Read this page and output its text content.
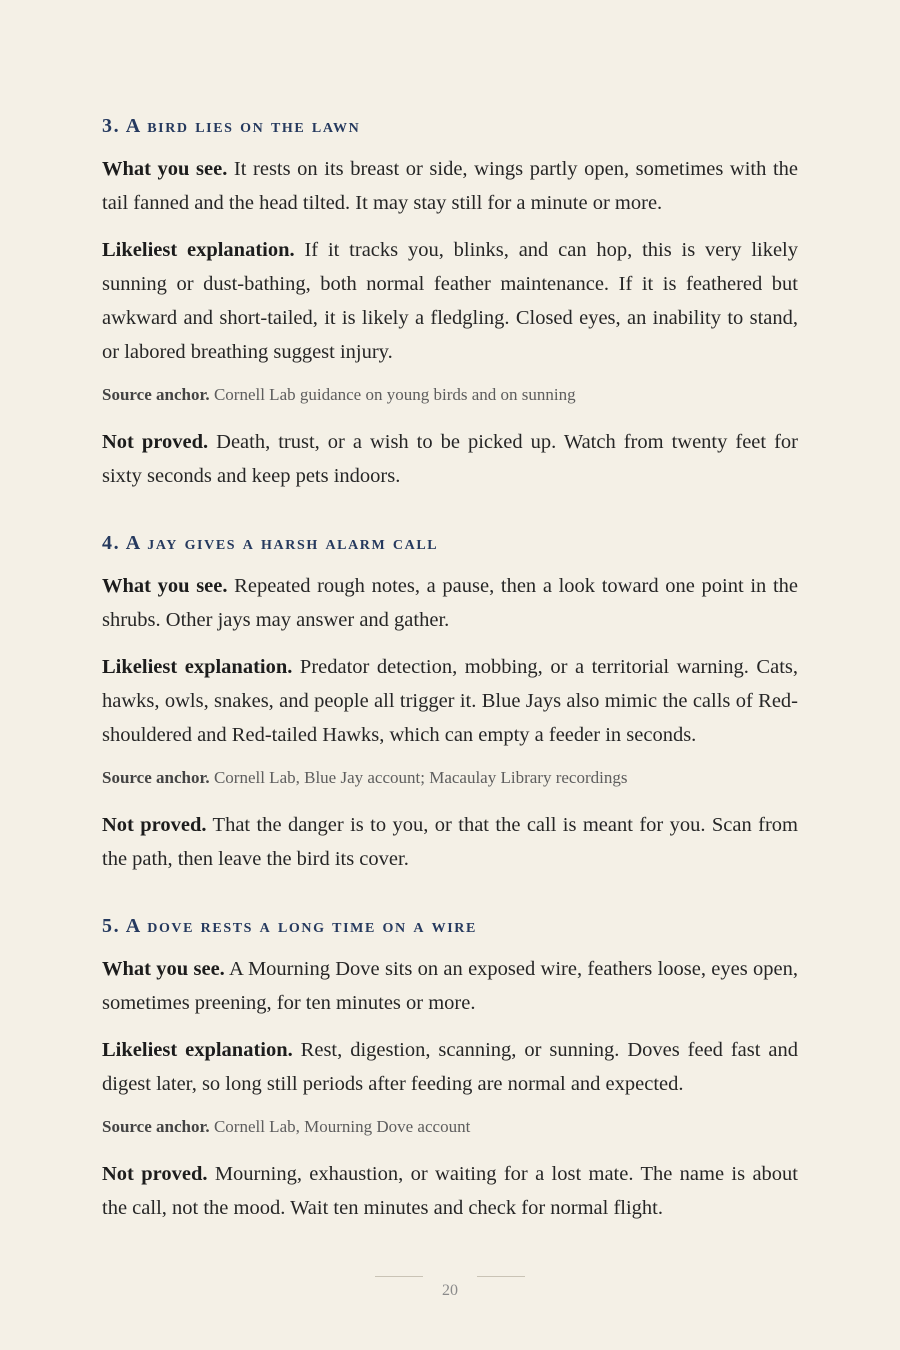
3. A bird lies on the lawn

What you see. It rests on its breast or side, wings partly open, sometimes with the tail fanned and the head tilted. It may stay still for a minute or more.

Likeliest explanation. If it tracks you, blinks, and can hop, this is very likely sunning or dust-bathing, both normal feather maintenance. If it is feathered but awkward and short-tailed, it is likely a fledgling. Closed eyes, an inability to stand, or labored breathing suggest injury.

Source anchor. Cornell Lab guidance on young birds and on sunning

Not proved. Death, trust, or a wish to be picked up. Watch from twenty feet for sixty seconds and keep pets indoors.

4. A jay gives a harsh alarm call

What you see. Repeated rough notes, a pause, then a look toward one point in the shrubs. Other jays may answer and gather.

Likeliest explanation. Predator detection, mobbing, or a territorial warning. Cats, hawks, owls, snakes, and people all trigger it. Blue Jays also mimic the calls of Red-shouldered and Red-tailed Hawks, which can empty a feeder in seconds.

Source anchor. Cornell Lab, Blue Jay account; Macaulay Library recordings

Not proved. That the danger is to you, or that the call is meant for you. Scan from the path, then leave the bird its cover.

5. A dove rests a long time on a wire

What you see. A Mourning Dove sits on an exposed wire, feathers loose, eyes open, sometimes preening, for ten minutes or more.

Likeliest explanation. Rest, digestion, scanning, or sunning. Doves feed fast and digest later, so long still periods after feeding are normal and expected.

Source anchor. Cornell Lab, Mourning Dove account

Not proved. Mourning, exhaustion, or waiting for a lost mate. The name is about the call, not the mood. Wait ten minutes and check for normal flight.

20
